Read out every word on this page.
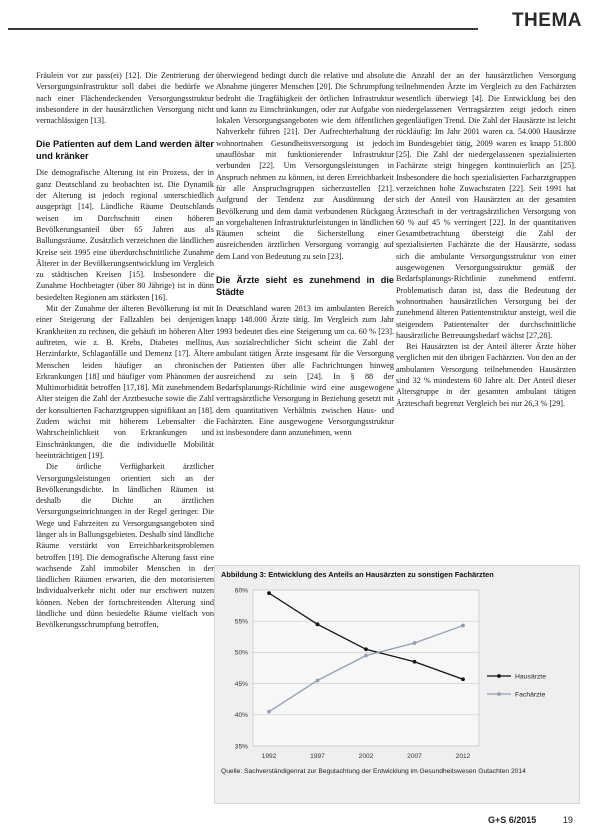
THEMA

Fräulein vor zur pass(ei) [12]. Die Zentrierung der Versorgungsinfrastruktur soll dabei die bedürfe we nach einer Flächendeckenden Versorgungsstruktur insbesondere in der hausärztlichen Versorgung nicht vernachlässigen [13].

Die Patienten auf dem Land werden älter und kränker

Die demografische Alterung ist ein Prozess, der in ganz Deutschland zu beobachten ist. Die Dynamik der Alterung ist jedoch regional unterschiedlich ausgeprägt [14]. Ländliche Räume Deutschlands weisen im Durchschnitt einen höheren Bevölkerungsanteil über 65 Jahren aus als Ballungsräume. Zusätzlich verzeichnen die ländlichen Kreise seit 1995 eine überdurchschnittliche Zunahme Älterer in der Bevölkerungsentwicklung im Vergleich zu städtischen Kreisen [15]. Insbesondere die Zunahme Hochbetagter (über 80 Jährige) ist in dünn besiedelten Regionen am stärksten [16].

Mit der Zunahme der älteren Bevölkerung ist mit einer Steigerung der Fallzahlen bei denjenigen Krankheiten zu rechnen, die gehäuft im höheren Alter auftreten, wie z. B. Krebs, Diabetes mellitus, Herzinfarkte, Schlaganfälle und Demenz [17]. Ältere Menschen leiden häufiger an chronischen Erkrankungen [18] und häufiger vom Phänomen der Multimorbidität betroffen [17,18]. Mit zunehmendem Alter steigen die Zahl der Arztbesuche sowie die Zahl der konsultierten Facharztgruppen signifikant an [18]. Zudem wächst mit höherem Lebensalter die Wahrscheinlichkeit von Erkrankungen und Einschränkungen, die die individuelle Mobilität beeinträchtigen [19].

Die örtliche Verfügbarkeit ärztlicher Versorgungsleistungen orientiert sich an der Bevölkerungsdichte. In ländlichen Räumen ist deshalb die Dichte an ärztlichen Versorgungseinrichtungen in der Regel geringer. Die Wege und Fahrzeiten zu Versorgungsangeboten sind länger als in Ballungsgebieten. Deshalb sind ländliche Räume verstärkt von Erreichbarkeitsproblemen betroffen [19]. Die demografische Alterung fasst eine wachsende Zahl immobiler Menschen in der ländlichen Räumen erwarten, die den motorisierten Individualverkehr nicht oder nur erschwert nutzen können. Neben der fortschreitenden Alterung sind ländliche und dünn besiedelte Räume vielfach von Bevölkerungsschrumpfung betroffen,

überwiegend bedingt durch die relative und absolute Abnahme jüngerer Menschen [20]. Die Schrumpfung bedroht die Tragfähigkeit der örtlichen Infrastruktur und kann zu Einschränkungen, oder zur Aufgabe von lokalen Versorgungsangeboten wie dem öffentlichen Nahverkehr führen [21]. Der Aufrechterhaltung der wohnortnahen Gesundheitsversorgung ist jedoch unauflösbar mit funktionierender Infrastruktur verbunden [22]. Um Versorgungsleistungen in Anspruch nehmen zu können, ist deren Erreichbarkeit für alle Anspruchsgruppen sicherzustellen [21]. Aufgrund der Tendenz zur Ausdünnung der Bevölkerung und dem damit verbundenen Rückgang an vorgehaltenen Infrastrukturleistungen in ländlichen Räumen scheint die Sicherstellung einer ausreichenden ärztlichen Versorgung vorrangig auf dem Land von Bedeutung zu sein [23].

Die Ärzte sieht es zunehmend in die Städte

In Deutschland waren 2013 im ambulanten Bereich knapp 148.000 Ärzte tätig. Im Vergleich zum Jahr 1993 bedeutet dies eine Steigerung um ca. 60 % [23]. Aus sozialrechtlicher Sicht scheint die Zahl der ambulant tätigen Ärzte insgesamt für die Versorgung der Patienten über alle Fachrichtungen hinweg ausreichend zu sein [24]. In § 88 der Bedarfsplanungs-Richtlinie wird eine ausgewogene vertragsärztliche Versorgung in Beziehung gesetzt mit dem quantitativen Verhältnis zwischen Haus- und Fachärzten. Eine ausgewogene Versorgungsstruktur ist insbesondere dann anzunehmen, wenn

die Anzahl der an der hausärztlichen Versorgung teilnehmenden Ärzte im Vergleich zu den Fachärzten wesentlich überwiegt [4]. Die Entwicklung bei den niedergelassenen Vertragsärzten zeigt jedoch einen gegenläufigen Trend. Die Zahl der Hausärzte ist leicht rückläufig: Im Jahr 2001 waren ca. 54.000 Hausärzte im Bundesgebiet tätig, 2009 waren es knapp 51.800 [25]. Die Zahl der niedergelassenen spezialisierten Fachärzte steigt hingegen kontinuierlich an [25]. Insbesondere die hoch spezialisierten Facharztgruppen verzeichnen hohe Zuwachsraten [22]. Seit 1991 hat sich der Anteil von Hausärzten an der gesamten Ärzteschaft in der vertragsärztlichen Versorgung von 60 % auf 45 % verringert [22]. In der quantitativen Gesamtbetrachtung übersteigt die Zahl der spezialisierten Fachärzte die der Hausärzte, sodass sich die ambulante Versorgungsstruktur von einer ausgewogenen Versorgungsstruktur gemäß der Bedarfsplanungs-Richtlinie zunehmend entfernt. Problematisch daran ist, dass die Bedeutung der wohnortnahen hausärztlichen Versorgung bei der zunehmend älteren Patientenstruktur ansteigt, weil die steigendem Patientenalter der durchschnittliche hausärztliche Betreuungsbedarf wächst [27,28].

Bei Hausärzten ist der Anteil älterer Ärzte höher verglichen mit den übrigen Fachärzten. Von den an der ambulanten Versorgung teilnehmenden Hausärzten sind 32 % mindestens 60 Jahre alt. Der Anteil dieser Altersgruppe in der gesamten ambulant tätigen Ärzteschaft begrenzt Vergleich bei nur 26,3 % [29].

Abbildung 3: Entwicklung des Anteils an Hausärzten zu sonstigen Fachärzten
60%
55%
50%
45%
40%
35%
1992	1997	2002	2007	2012
Hausärzte
Fachärzte
Quelle: Sachverständigenrat zur Begutachtung der Entwicklung im Gesundheitswesen Gutachten 2014
G+S 6/2015	19
